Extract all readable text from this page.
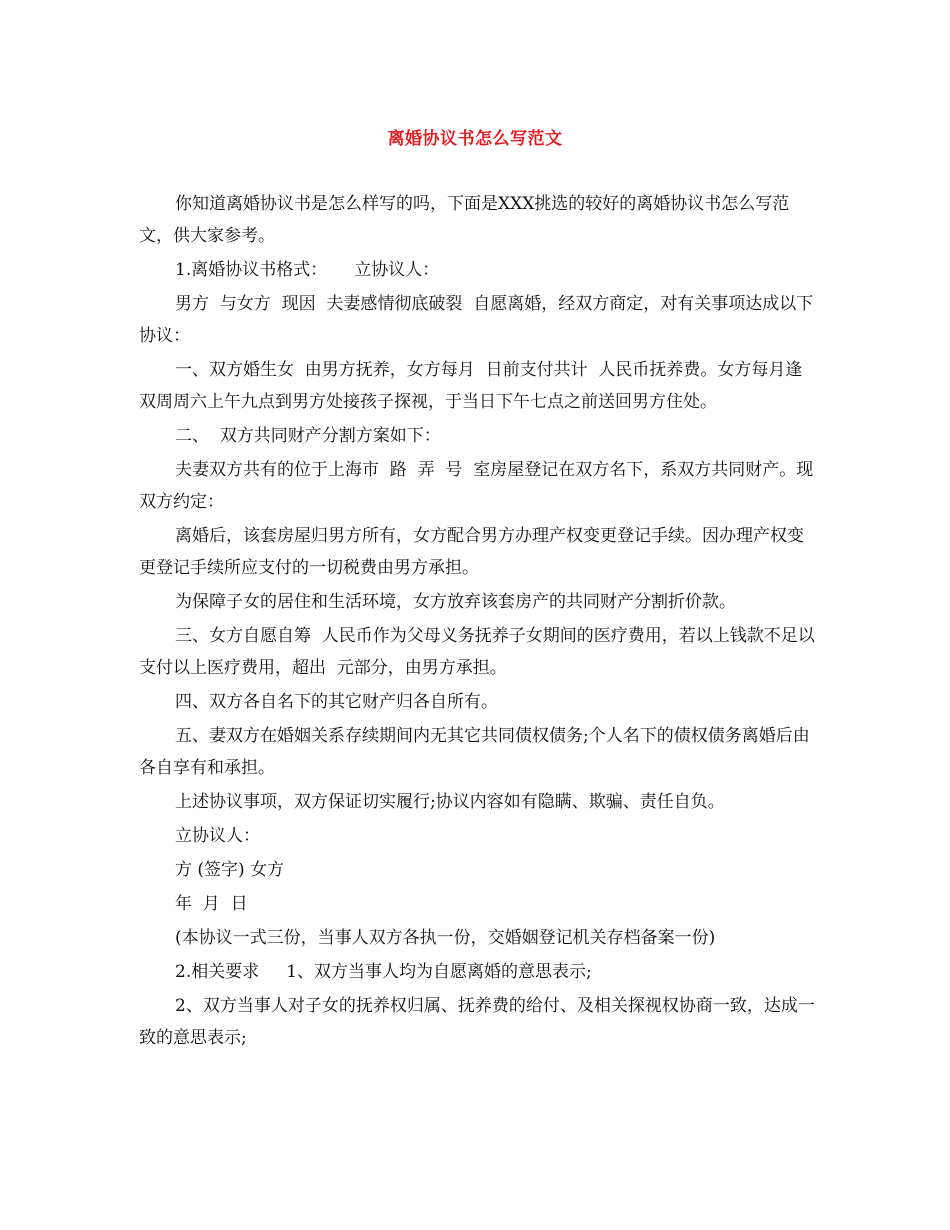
离婚协议书怎么写范文

你知道离婚协议书是怎么样写的吗，下面是XXX挑选的较好的离婚协议书怎么写范文，供大家参考。

1.离婚协议书格式：     立协议人：

男方  与女方  现因  夫妻感情彻底破裂  自愿离婚，经双方商定，对有关事项达成以下协议：

一、双方婚生女  由男方抚养，女方每月  日前支付共计  人民币抚养费。女方每月逢双周周六上午九点到男方处接孩子探视，于当日下午七点之前送回男方住处。

二、  双方共同财产分割方案如下：

夫妻双方共有的位于上海市  路  弄  号  室房屋登记在双方名下，系双方共同财产。现双方约定：

离婚后，该套房屋归男方所有，女方配合男方办理产权变更登记手续。因办理产权变更登记手续所应支付的一切税费由男方承担。

为保障子女的居住和生活环境，女方放弃该套房产的共同财产分割折价款。

三、女方自愿自筹  人民币作为父母义务抚养子女期间的医疗费用，若以上钱款不足以支付以上医疗费用，超出  元部分，由男方承担。

四、双方各自名下的其它财产归各自所有。

五、妻双方在婚姻关系存续期间内无其它共同债权债务;个人名下的债权债务离婚后由各自享有和承担。

上述协议事项，双方保证切实履行;协议内容如有隐瞒、欺骗、责任自负。

立协议人：

方 (签字) 女方

年  月  日

(本协议一式三份，当事人双方各执一份，交婚姻登记机关存档备案一份)

2.相关要求     1、双方当事人均为自愿离婚的意思表示;

2、双方当事人对子女的抚养权归属、抚养费的给付、及相关探视权协商一致，达成一致的意思表示;
